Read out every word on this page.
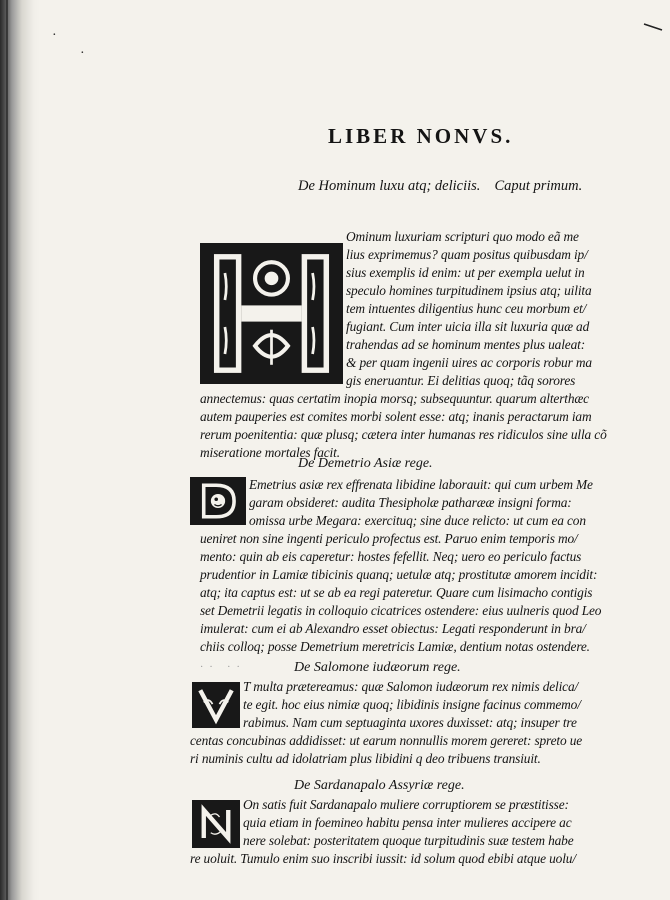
·
·
LIBER NONVS.
De Hominum luxu atq; deliciis. Caput primum.
Ominum luxuriam scripturi quo modo eã me
lius exprimemus? quam positus quibusdam ip/
sius exemplis id enim: ut per exempla uelut in
speculo homines turpitudinem ipsius atq; uilita
tem intuentes diligentius hunc ceu morbum et/
fugiant. Cum inter uicia illa sit luxuria quæ ad
trahendas ad se hominum mentes plus ualeat:
& per quam ingenii uires ac corporis robur ma
gis eneruantur. Ei delitias quoq; tãq sorores
annectemus: quas certatim inopia morsq; subsequuntur. quarum alterthæc
autem pauperies est comites morbi solent esse: atq; inanis peractarum iam
rerum poenitentia: quæ plusq; cætera inter humanas res ridiculos sine ulla cõ
miseratione mortales facit.
De Demetrio Asiæ rege.
Emetrius asiæ rex effrenata libidine laborauit: qui cum urbem Me
garam obsideret: audita Thesipholæ patharææ insigni forma:
omissa urbe Megara: exercituq; sine duce relicto: ut cum ea con
ueniret non sine ingenti periculo profectus est. Paruo enim temporis mo/
mento: quin ab eis caperetur: hostes fefellit. Neq; uero eo periculo factus
prudentior in Lamiæ tibicinis quanq; uetulæ atq; prostitutæ amorem incidit:
atq; ita captus est: ut se ab ea regi pateretur. Quare cum lisimacho contigis
set Demetrii legatis in colloquio cicatrices ostendere: eius uulneris quod Leo
imulerat: cum ei ab Alexandro esset obiectus: Legati responderunt in bra/
chiis colloq; posse Demetrium meretricis Lamiæ, dentium notas ostendere.
·· ··	De Salomone iudæorum rege.
T multa prætereamus: quæ Salomon iudæorum rex nimis delica/
te egit. hoc eius nimiæ quoq; libidinis insigne facinus commemo/
rabimus. Nam cum septuaginta uxores duxisset: atq; insuper tre
centas concubinas addidisset: ut earum nonnullis morem gereret: spreto ue
ri numinis cultu ad idolatriam plus libidini q deo tribuens transiuit.
De Sardanapalo Assyriæ rege.
On satis fuit Sardanapalo muliere corruptiorem se præstitisse:
quia etiam in foemineo habitu pensa inter mulieres accipere ac
nere solebat: posteritatem quoque turpitudinis suæ testem habe
re uoluit. Tumulo enim suo inscribi iussit: id solum quod ebibi atque uolu/
